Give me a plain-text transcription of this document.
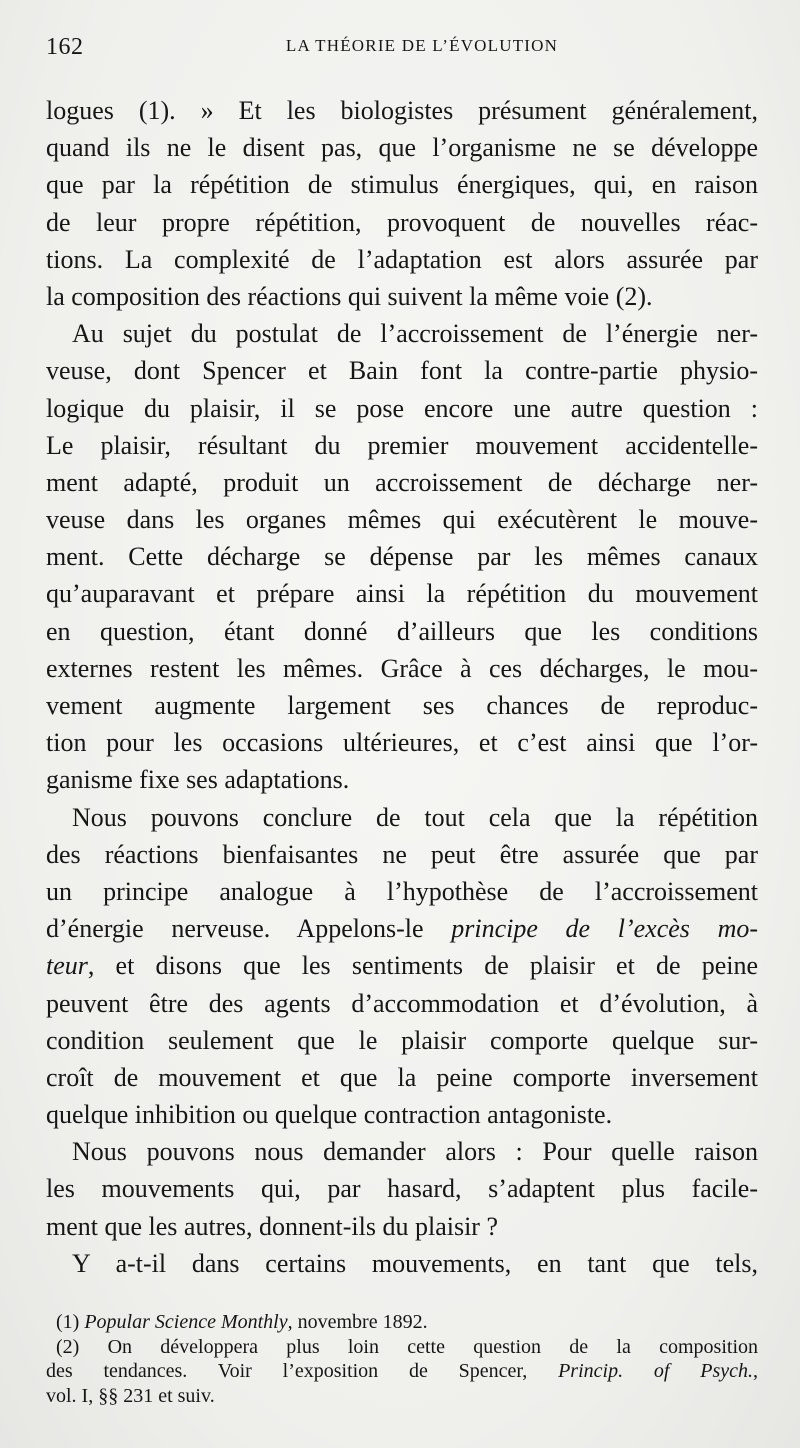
162	LA THÉORIE DE L’ÉVOLUTION
logues (1). » Et les biologistes présument généralement,
quand ils ne le disent pas, que l’organisme ne se développe
que par la répétition de stimulus énergiques, qui, en raison
de leur propre répétition, provoquent de nouvelles réac-
tions. La complexité de l’adaptation est alors assurée par
la composition des réactions qui suivent la même voie (2).
Au sujet du postulat de l’accroissement de l’énergie ner-
veuse, dont Spencer et Bain font la contre-partie physio-
logique du plaisir, il se pose encore une autre question :
Le plaisir, résultant du premier mouvement accidentelle-
ment adapté, produit un accroissement de décharge ner-
veuse dans les organes mêmes qui exécutèrent le mouve-
ment. Cette décharge se dépense par les mêmes canaux
qu’auparavant et prépare ainsi la répétition du mouvement
en question, étant donné d’ailleurs que les conditions
externes restent les mêmes. Grâce à ces décharges, le mou-
vement augmente largement ses chances de reproduc-
tion pour les occasions ultérieures, et c’est ainsi que l’or-
ganisme fixe ses adaptations.
Nous pouvons conclure de tout cela que la répétition
des réactions bienfaisantes ne peut être assurée que par
un principe analogue à l’hypothèse de l’accroissement
d’énergie nerveuse. Appelons-le principe de l’excès mo-
teur, et disons que les sentiments de plaisir et de peine
peuvent être des agents d’accommodation et d’évolution, à
condition seulement que le plaisir comporte quelque sur-
croît de mouvement et que la peine comporte inversement
quelque inhibition ou quelque contraction antagoniste.
Nous pouvons nous demander alors : Pour quelle raison
les mouvements qui, par hasard, s’adaptent plus facile-
ment que les autres, donnent-ils du plaisir ?
Y a-t-il dans certains mouvements, en tant que tels,
(1) Popular Science Monthly, novembre 1892.
(2) On développera plus loin cette question de la composition
des tendances. Voir l’exposition de Spencer, Princip. of Psych.,
vol. I, §§ 231 et suiv.
